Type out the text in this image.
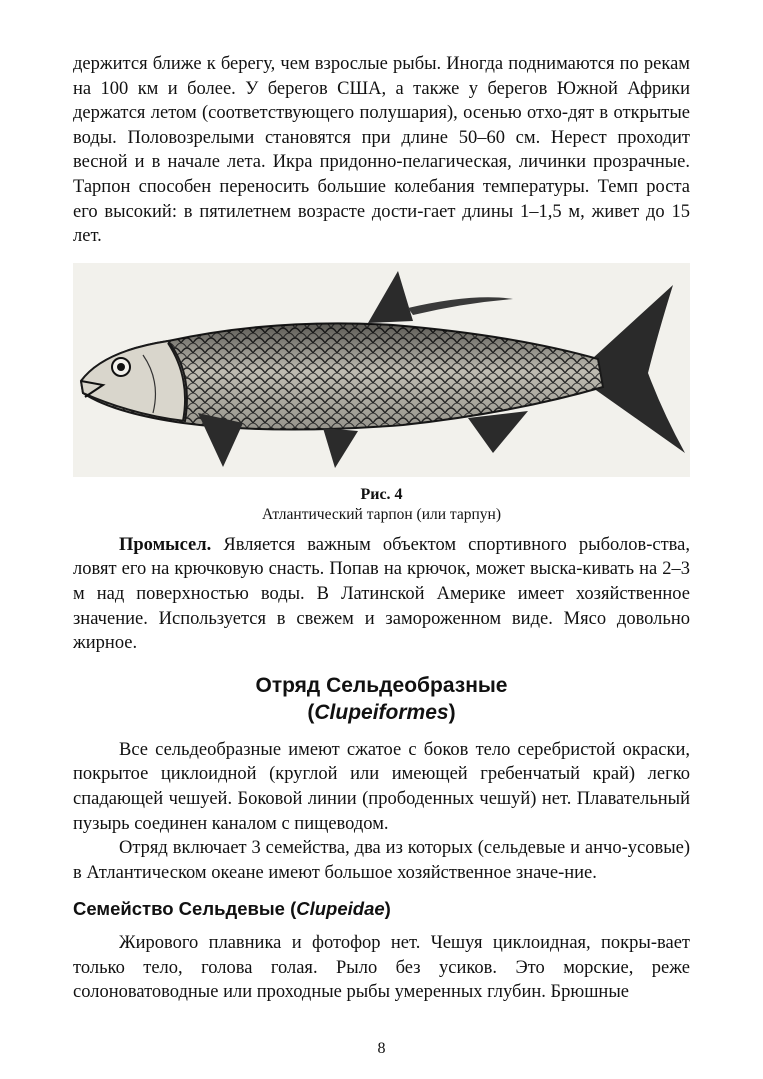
держится ближе к берегу, чем взрослые рыбы. Иногда поднимаются по рекам на 100 км и более. У берегов США, а также у берегов Южной Африки держатся летом (соответствующего полушария), осенью отхо-дят в открытые воды. Половозрелыми становятся при длине 50–60 см. Нерест проходит весной и в начале лета. Икра придонно-пелагическая, личинки прозрачные. Тарпон способен переносить большие колебания температуры. Темп роста его высокий: в пятилетнем возрасте дости-гает длины 1–1,5 м, живет до 15 лет.

Рис. 4
Атлантический тарпон (или тарпун)

Промысел. Является важным объектом спортивного рыболов-ства, ловят его на крючковую снасть. Попав на крючок, может выска-кивать на 2–3 м над поверхностью воды. В Латинской Америке имеет хозяйственное значение. Используется в свежем и замороженном виде. Мясо довольно жирное.

Отряд Сельдеобразные
(Clupeiformes)

Все сельдеобразные имеют сжатое с боков тело серебристой окраски, покрытое циклоидной (круглой или имеющей гребенчатый край) легко спадающей чешуей. Боковой линии (прободенных чешуй) нет. Плавательный пузырь соединен каналом с пищеводом.

Отряд включает 3 семейства, два из которых (сельдевые и анчо-усовые) в Атлантическом океане имеют большое хозяйственное значе-ние.

Семейство Сельдевые (Clupeidae)

Жирового плавника и фотофор нет. Чешуя циклоидная, покры-вает только тело, голова голая. Рыло без усиков. Это морские, реже солоноватоводные или проходные рыбы умеренных глубин. Брюшные

8
